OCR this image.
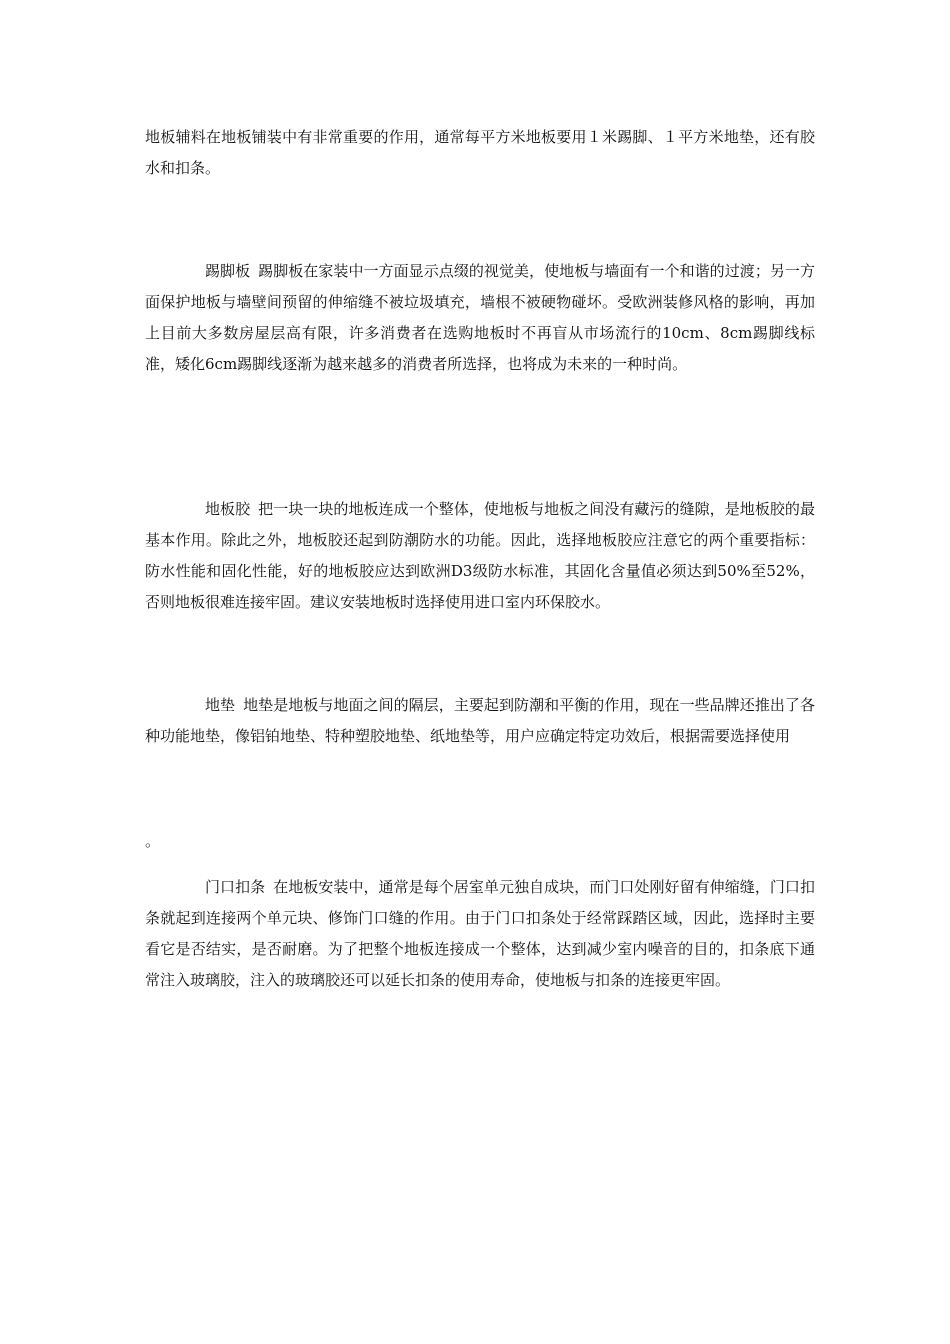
地板辅料在地板铺装中有非常重要的作用，通常每平方米地板要用１米踢脚、１平方米地垫，还有胶水和扣条。

踢脚板 踢脚板在家装中一方面显示点缀的视觉美，使地板与墙面有一个和谐的过渡；另一方面保护地板与墙壁间预留的伸缩缝不被垃圾填充，墙根不被硬物碰坏。受欧洲装修风格的影响，再加上目前大多数房屋层高有限，许多消费者在选购地板时不再盲从市场流行的10cm、8cm踢脚线标准，矮化6cm踢脚线逐渐为越来越多的消费者所选择，也将成为未来的一种时尚。

地板胶 把一块一块的地板连成一个整体，使地板与地板之间没有藏污的缝隙，是地板胶的最基本作用。除此之外，地板胶还起到防潮防水的功能。因此，选择地板胶应注意它的两个重要指标：防水性能和固化性能，好的地板胶应达到欧洲D3级防水标准，其固化含量值必须达到50%至52%，否则地板很难连接牢固。建议安装地板时选择使用进口室内环保胶水。

地垫 地垫是地板与地面之间的隔层，主要起到防潮和平衡的作用，现在一些品牌还推出了各种功能地垫，像铝铂地垫、特种塑胶地垫、纸地垫等，用户应确定特定功效后，根据需要选择使用

。

门口扣条 在地板安装中，通常是每个居室单元独自成块，而门口处刚好留有伸缩缝，门口扣条就起到连接两个单元块、修饰门口缝的作用。由于门口扣条处于经常踩踏区域，因此，选择时主要看它是否结实，是否耐磨。为了把整个地板连接成一个整体，达到减少室内噪音的目的，扣条底下通常注入玻璃胶，注入的玻璃胶还可以延长扣条的使用寿命，使地板与扣条的连接更牢固。
